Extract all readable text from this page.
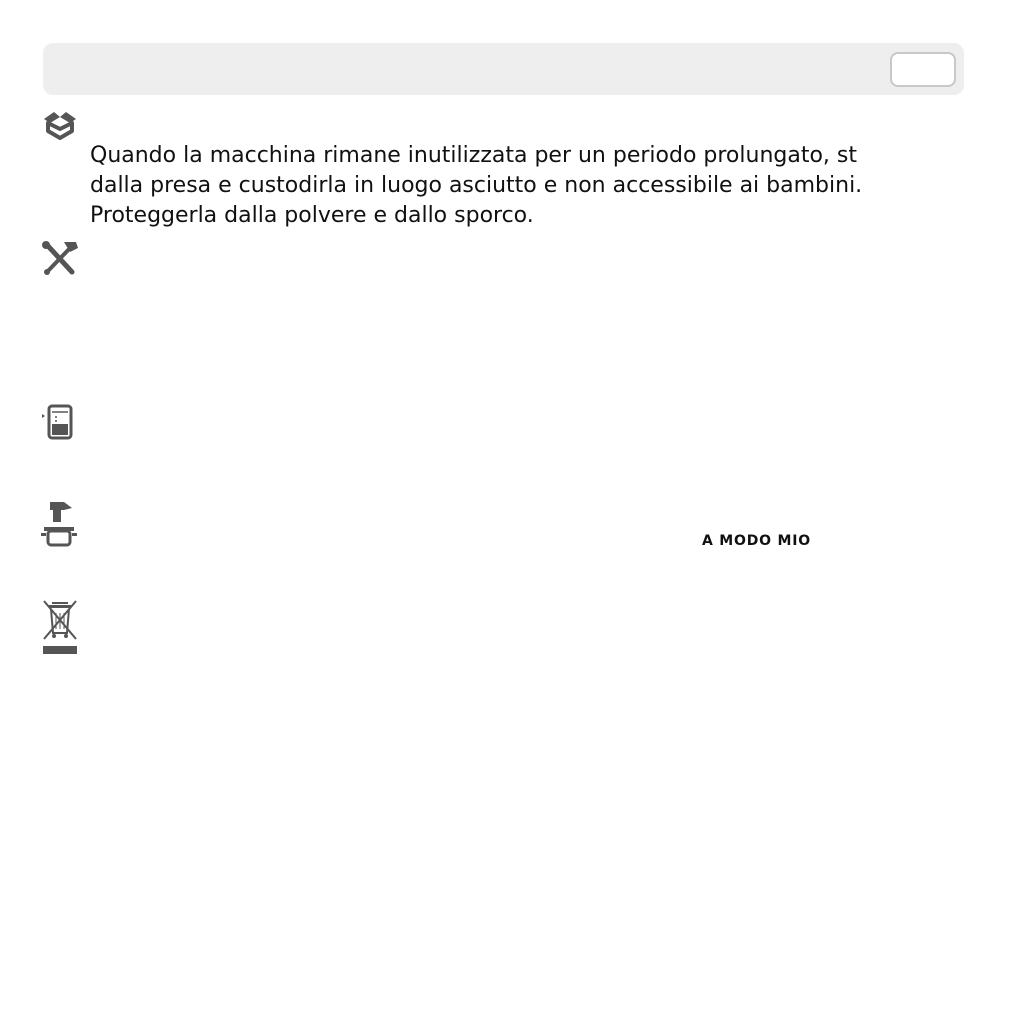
Quando la macchina rimane inutilizzata per un periodo prolungato, st
dalla presa e custodirla in luogo asciutto e non accessibile ai bambini.
Proteggerla dalla polvere e dallo sporco.

A MODO MIO
